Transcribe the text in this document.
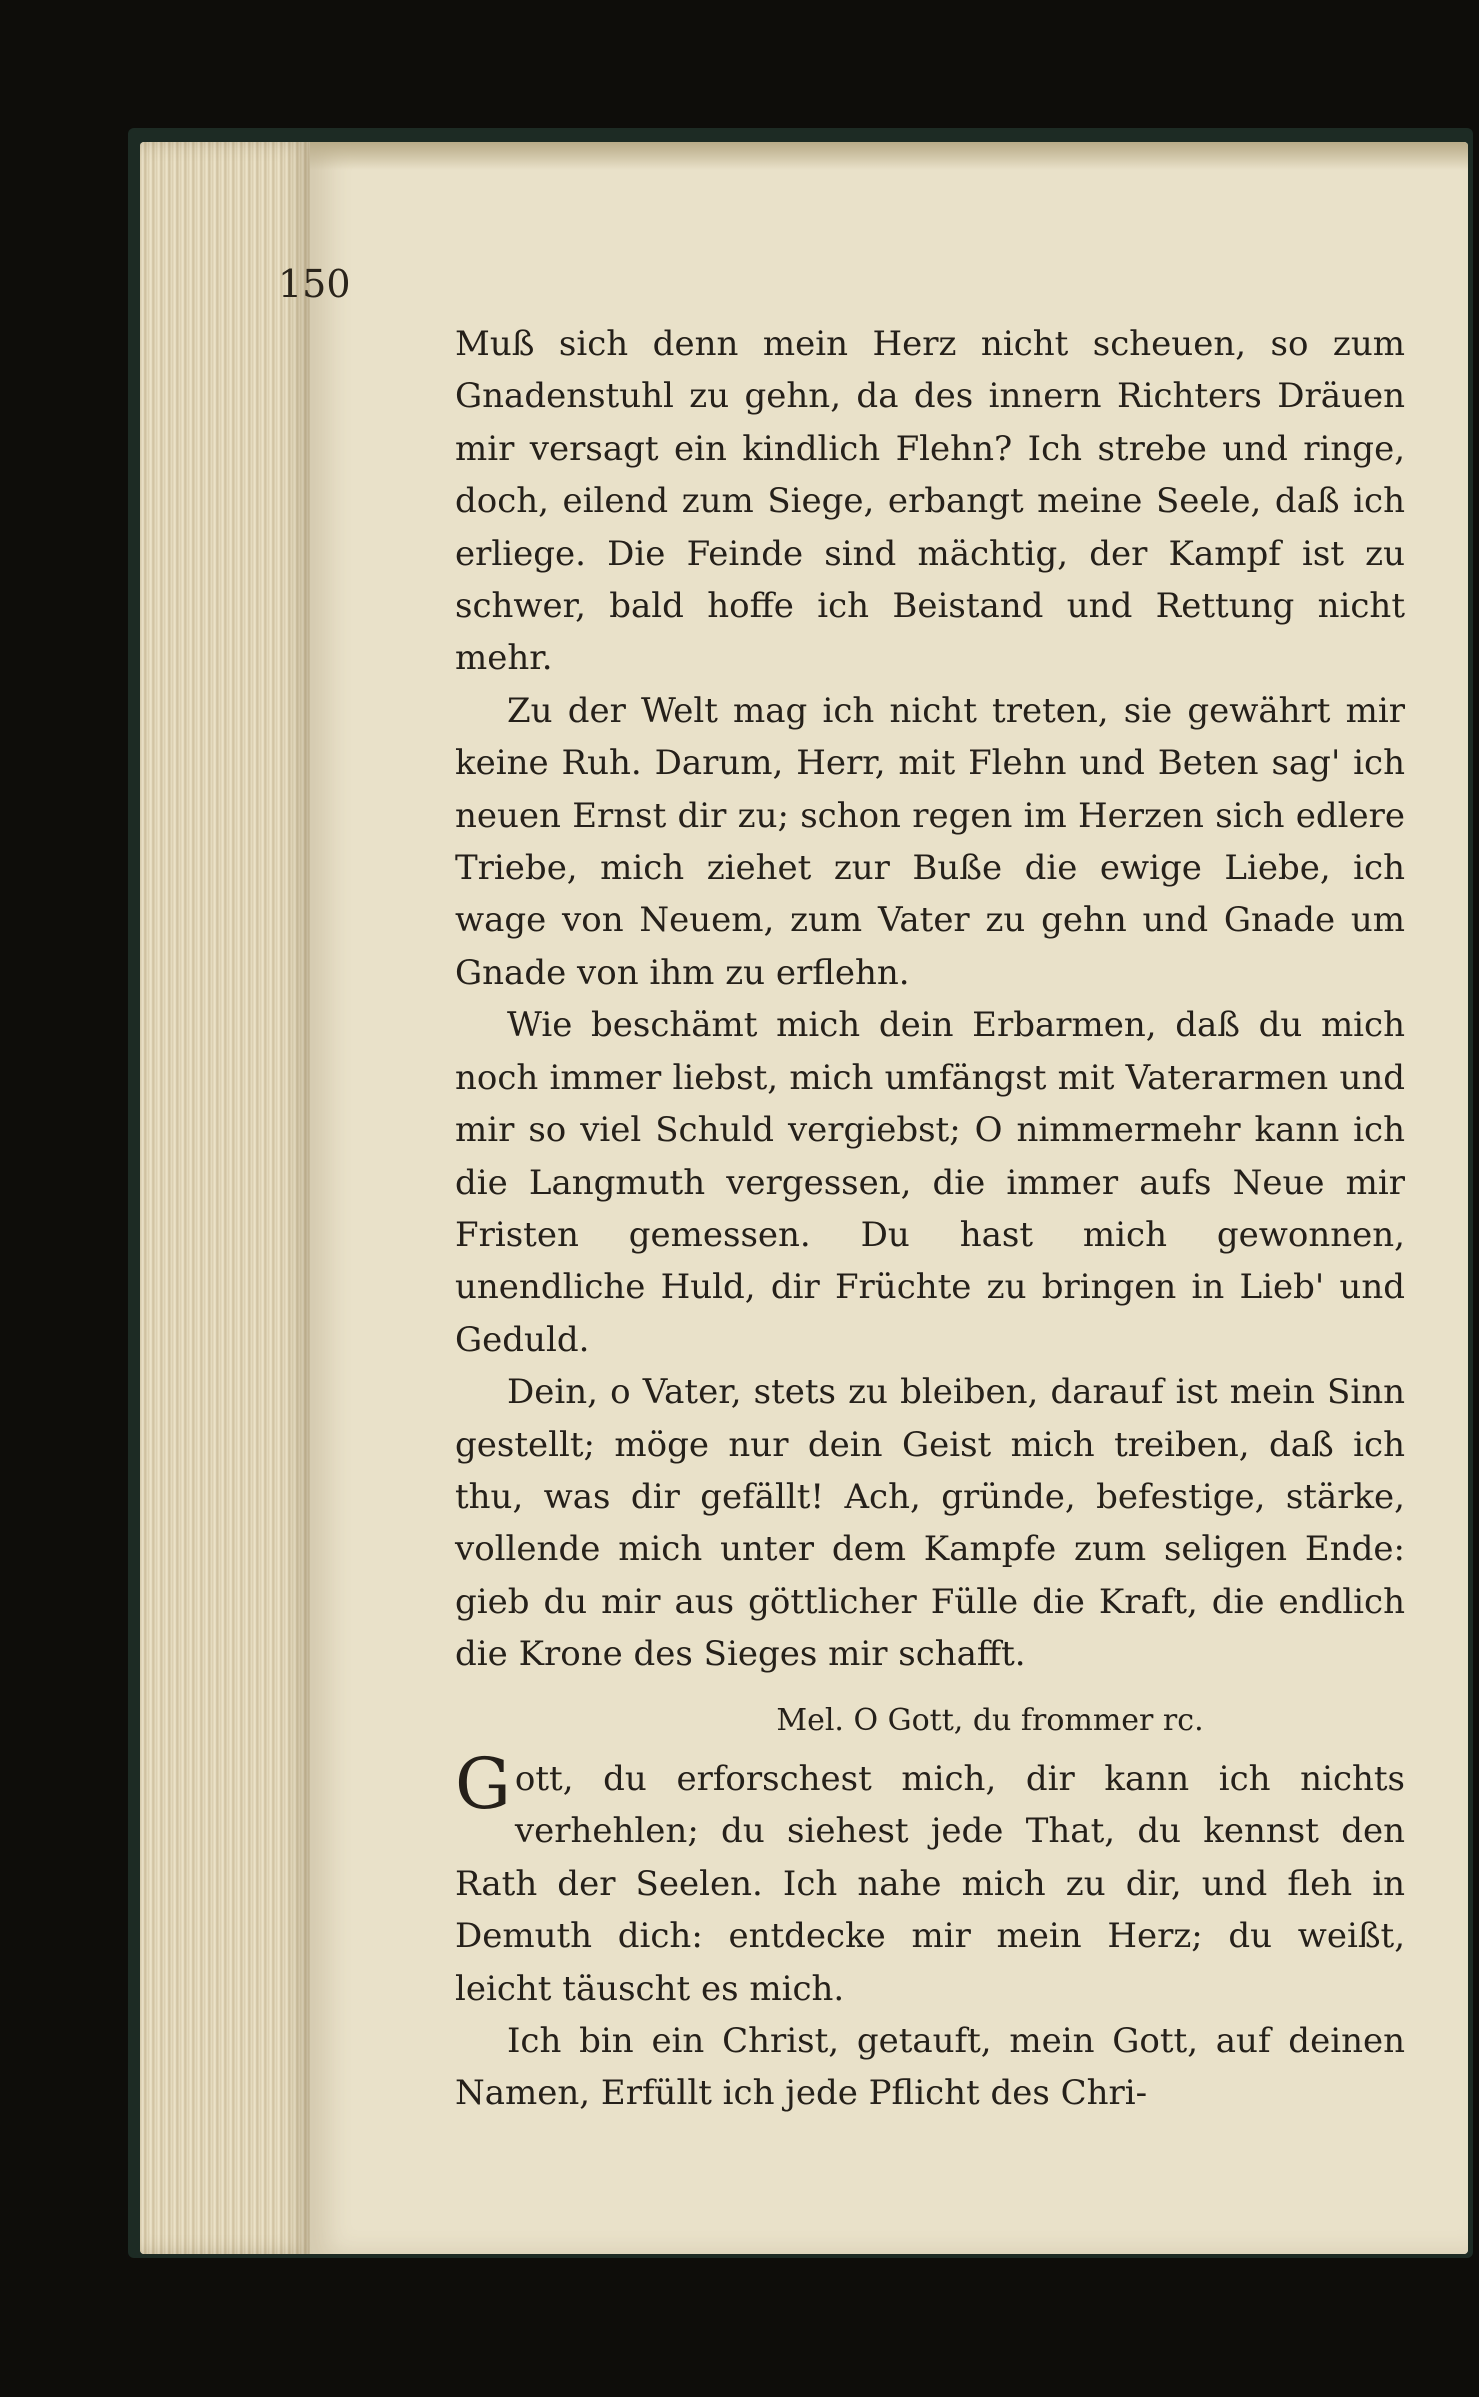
150

Muß sich denn mein Herz nicht scheuen, so zum Gnadenstuhl zu gehn, da des innern Richters Dräuen mir versagt ein kindlich Flehn? Ich strebe und ringe, doch, eilend zum Siege, erbangt meine Seele, daß ich erliege. Die Feinde sind mächtig, der Kampf ist zu schwer, bald hoffe ich Beistand und Rettung nicht mehr.

Zu der Welt mag ich nicht treten, sie gewährt mir keine Ruh. Darum, Herr, mit Flehn und Beten sag' ich neuen Ernst dir zu; schon regen im Herzen sich edlere Triebe, mich ziehet zur Buße die ewige Liebe, ich wage von Neuem, zum Vater zu gehn und Gnade um Gnade von ihm zu erflehn.

Wie beschämt mich dein Erbarmen, daß du mich noch immer liebst, mich umfängst mit Vaterarmen und mir so viel Schuld vergiebst; O nimmermehr kann ich die Langmuth vergessen, die immer aufs Neue mir Fristen gemessen. Du hast mich gewonnen, unendliche Huld, dir Früchte zu bringen in Lieb' und Geduld.

Dein, o Vater, stets zu bleiben, darauf ist mein Sinn gestellt; möge nur dein Geist mich treiben, daß ich thu, was dir gefällt! Ach, gründe, befestige, stärke, vollende mich unter dem Kampfe zum seligen Ende: gieb du mir aus göttlicher Fülle die Kraft, die endlich die Krone des Sieges mir schafft.

Mel. O Gott, du frommer rc.

Gott, du erforschest mich, dir kann ich nichts verhehlen; du siehest jede That, du kennst den Rath der Seelen. Ich nahe mich zu dir, und fleh in Demuth dich: entdecke mir mein Herz; du weißt, leicht täuscht es mich.

Ich bin ein Christ, getauft, mein Gott, auf deinen Namen, Erfüllt ich jede Pflicht des Chri-
